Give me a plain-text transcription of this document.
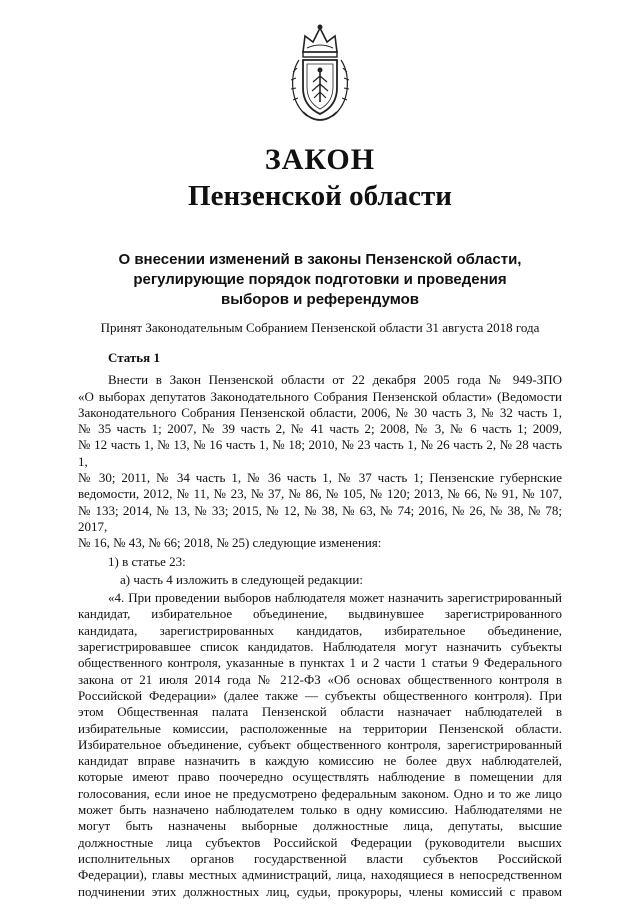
ЗАКОН
Пензенской области
О внесении изменений в законы Пензенской области,
регулирующие порядок подготовки и проведения
выборов и референдумов
Принят Законодательным Собранием Пензенской области 31 августа 2018 года
Статья 1

Внести в Закон Пензенской области от 22 декабря 2005 года № 949-ЗПО

«О выборах депутатов Законодательного Собрания Пензенской области» (Ведомости

Законодательного Собрания Пензенской области, 2006, № 30 часть 3, № 32 часть 1,

№ 35 часть 1; 2007, № 39 часть 2, № 41 часть 2; 2008, № 3, № 6 часть 1; 2009,

№ 12 часть 1, № 13, № 16 часть 1, № 18; 2010, № 23 часть 1, № 26 часть 2, № 28 часть 1,

№ 30; 2011, № 34 часть 1, № 36 часть 1, № 37 часть 1; Пензенские губернские

ведомости, 2012, № 11, № 23, № 37, № 86, № 105, № 120; 2013, № 66, № 91, № 107,

№ 133; 2014, № 13, № 33; 2015, № 12, № 38, № 63, № 74; 2016, № 26, № 38, № 78; 2017,

№ 16, № 43, № 66; 2018, № 25) следующие изменения:

1) в статье 23:
а) часть 4 изложить в следующей редакции:

«4. При проведении выборов наблюдателя может назначить зарегистрированный

кандидат, избирательное объединение, выдвинувшее зарегистрированного

кандидата, зарегистрированных кандидатов, избирательное объединение,

зарегистрировавшее список кандидатов. Наблюдателя могут назначить субъекты

общественного контроля, указанные в пунктах 1 и 2 части 1 статьи 9 Федерального

закона от 21 июля 2014 года № 212-ФЗ «Об основах общественного контроля в

Российской Федерации» (далее также — субъекты общественного контроля). При

этом Общественная палата Пензенской области назначает наблюдателей в

избирательные комиссии, расположенные на территории Пензенской области.

Избирательное объединение, субъект общественного контроля, зарегистрированный

кандидат вправе назначить в каждую комиссию не более двух наблюдателей,

которые имеют право поочередно осуществлять наблюдение в помещении для

голосования, если иное не предусмотрено федеральным законом. Одно и то же лицо

может быть назначено наблюдателем только в одну комиссию. Наблюдателями не

могут быть назначены выборные должностные лица, депутаты, высшие

должностные лица субъектов Российской Федерации (руководители высших

исполнительных органов государственной власти субъектов Российской

Федерации), главы местных администраций, лица, находящиеся в непосредственном

подчинении этих должностных лиц, судьи, прокуроры, члены комиссий с правом
